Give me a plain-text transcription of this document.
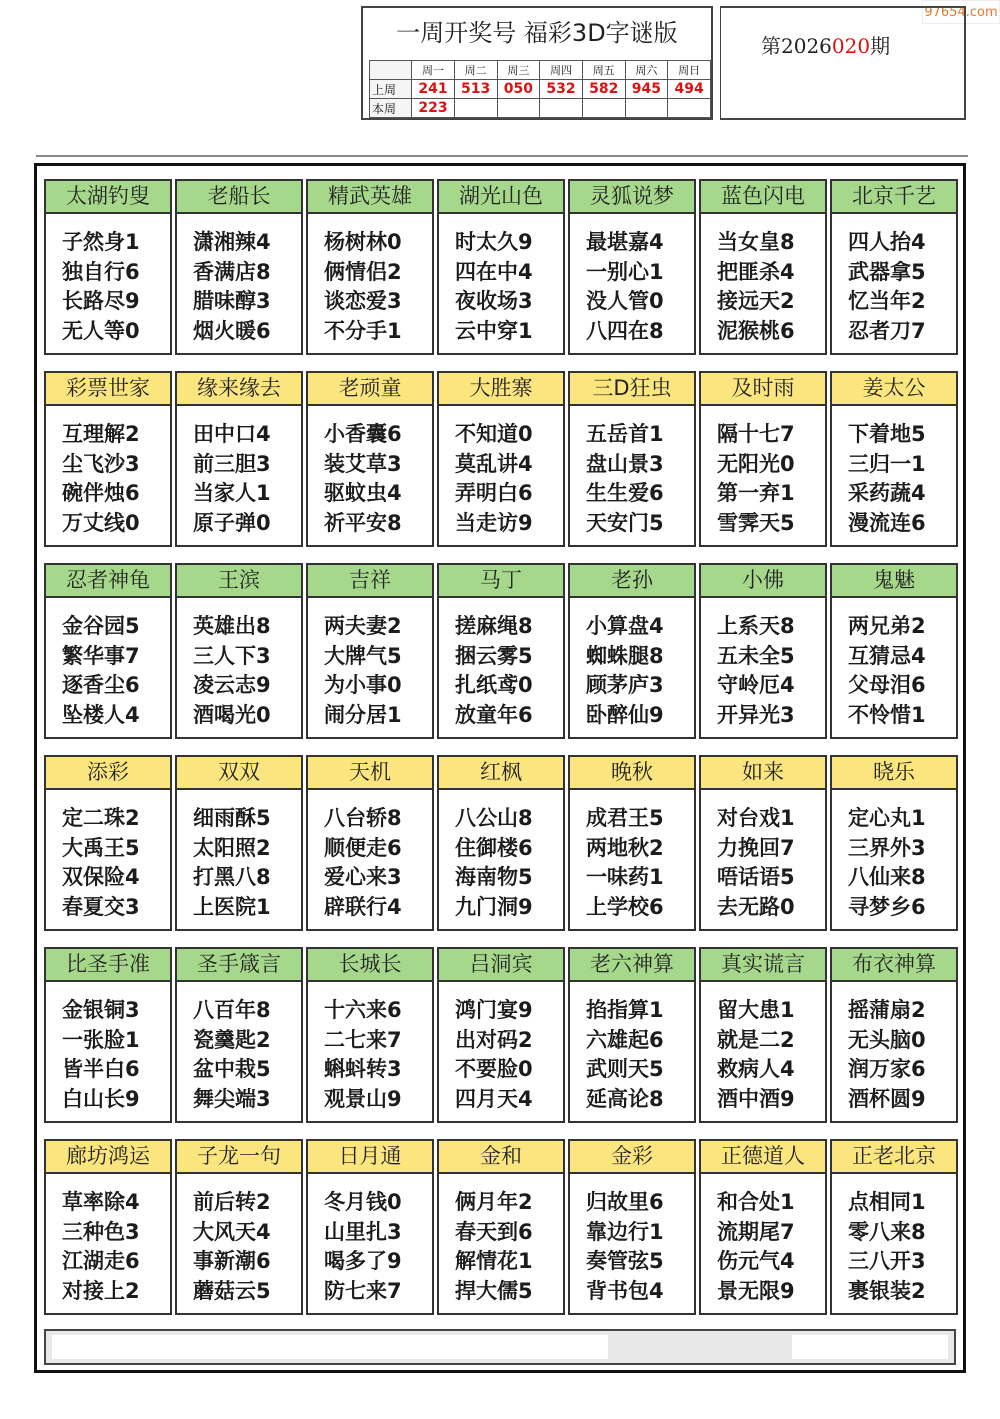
97654.com
一周开奖号 福彩3D字谜版
	周一	周二	周三	周四	周五	周六	周日
上周	241	513	050	532	582	945	494
本周	223						
第2026020期
太湖钓叟
子然身1
独自行6
长路尽9
无人等0
老船长
潇湘辣4
香满店8
腊味醇3
烟火暖6
精武英雄
杨树林0
俩情侣2
谈恋爱3
不分手1
湖光山色
时太久9
四在中4
夜收场3
云中穿1
灵狐说梦
最堪嘉4
一别心1
没人管0
八四在8
蓝色闪电
当女皇8
把匪杀4
接远天2
泥猴桃6
北京千艺
四人抬4
武器拿5
忆当年2
忍者刀7
彩票世家
互理解2
尘飞沙3
碗伴烛6
万丈线0
缘来缘去
田中口4
前三胆3
当家人1
原子弹0
老顽童
小香囊6
装艾草3
驱蚊虫4
祈平安8
大胜寨
不知道0
莫乱讲4
弄明白6
当走访9
三D狂虫
五岳首1
盘山景3
生生爱6
天安门5
及时雨
隔十七7
无阳光0
第一弃1
雪霁天5
姜太公
下着地5
三归一1
采药蔬4
漫流连6
忍者神龟
金谷园5
繁华事7
逐香尘6
坠楼人4
王滨
英雄出8
三人下3
凌云志9
酒喝光0
吉祥
两夫妻2
大牌气5
为小事0
闹分居1
马丁
搓麻绳8
捆云雾5
扎纸鸢0
放童年6
老孙
小算盘4
蜘蛛腿8
顾茅庐3
卧醉仙9
小佛
上系天8
五未全5
守岭厄4
开异光3
鬼魅
两兄弟2
互猜忌4
父母泪6
不怜惜1
添彩
定二珠2
大禹王5
双保险4
春夏交3
双双
细雨酥5
太阳照2
打黑八8
上医院1
天机
八台轿8
顺便走6
爱心来3
辟联行4
红枫
八公山8
住御楼6
海南物5
九门洞9
晚秋
成君王5
两地秋2
一味药1
上学校6
如来
对台戏1
力挽回7
唔话语5
去无路0
晓乐
定心丸1
三界外3
八仙来8
寻梦乡6
比圣手准
金银铜3
一张脸1
皆半白6
白山长9
圣手箴言
八百年8
瓷羹匙2
盆中栽5
舞尖端3
长城长
十六来6
二七来7
蝌蚪转3
观景山9
吕洞宾
鸿门宴9
出对码2
不要脸0
四月天4
老六神算
掐指算1
六雄起6
武则天5
延高论8
真实谎言
留大患1
就是二2
救病人4
酒中酒9
布衣神算
摇蒲扇2
无头脑0
润万家6
酒杯圆9
廊坊鸿运
草率除4
三种色3
江湖走6
对接上2
子龙一句
前后转2
大风天4
事新潮6
蘑菇云5
日月通
冬月钱0
山里扎3
喝多了9
防七来7
金和
俩月年2
春天到6
解情花1
捍大儒5
金彩
归故里6
靠边行1
奏管弦5
背书包4
正德道人
和合处1
流期尾7
伤元气4
景无限9
正老北京
点相同1
零八来8
三八开3
裹银装2
